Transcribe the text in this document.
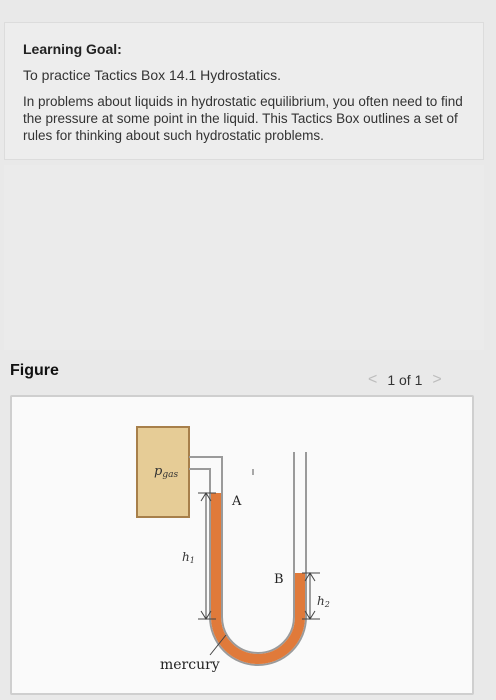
Learning Goal:
To practice Tactics Box 14.1 Hydrostatics.
In problems about liquids in hydrostatic equilibrium, you often need to find the pressure at some point in the liquid. This Tactics Box outlines a set of rules for thinking about such hydrostatic problems.
Figure
< 1 of 1 >
pgas
A
B
h1
h2
mercury
